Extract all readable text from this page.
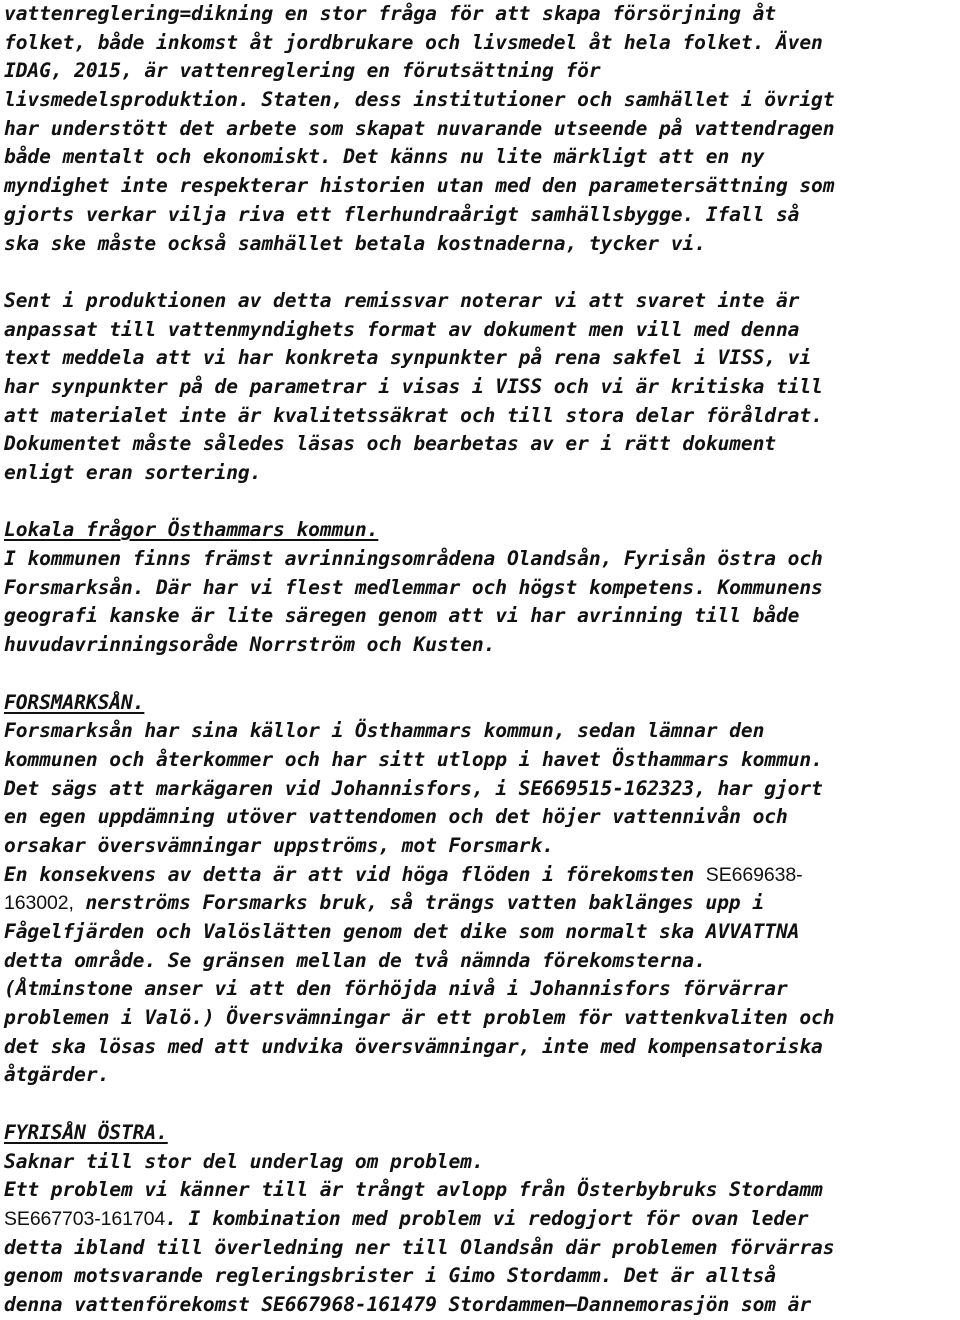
vattenreglering=dikning en stor fråga för att skapa försörjning åt
folket, både inkomst åt jordbrukare och livsmedel åt hela folket. Även
IDAG, 2015, är vattenreglering en förutsättning för
livsmedelsproduktion. Staten, dess institutioner och samhället i övrigt
har understött det arbete som skapat nuvarande utseende på vattendragen
både mentalt och ekonomiskt. Det känns nu lite märkligt att en ny
myndighet inte respekterar historien utan med den parametersättning som
gjorts verkar vilja riva ett flerhundraårigt samhällsbygge. Ifall så
ska ske måste också samhället betala kostnaderna, tycker vi.
Sent i produktionen av detta remissvar noterar vi att svaret inte är
anpassat till vattenmyndighets format av dokument men vill med denna
text meddela att vi har konkreta synpunkter på rena sakfel i VISS, vi
har synpunkter på de parametrar i visas i VISS och vi är kritiska till
att materialet inte är kvalitetssäkrat och till stora delar föråldrat.
Dokumentet måste således läsas och bearbetas av er i rätt dokument
enligt eran sortering.
Lokala frågor Östhammars kommun.
I kommunen finns främst avrinningsområdena Olandsån, Fyrisån östra och
Forsmarksån. Där har vi flest medlemmar och högst kompetens. Kommunens
geografi kanske är lite säregen genom att vi har avrinning till både
huvudavrinningsoråde Norrström och Kusten.
FORSMARKSÅN.
Forsmarksån har sina källor i Östhammars kommun, sedan lämnar den
kommunen och återkommer och har sitt utlopp i havet Östhammars kommun.
Det sägs att markägaren vid Johannisfors, i SE669515-162323, har gjort
en egen uppdämning utöver vattendomen och det höjer vattennivån och
orsakar översvämningar uppströms, mot Forsmark.
En konsekvens av detta är att vid höga flöden i förekomsten SE669638-
163002, nerströms Forsmarks bruk, så trängs vatten baklänges upp i
Fågelfjärden och Valöslätten genom det dike som normalt ska AVVATTNA
detta område. Se gränsen mellan de två nämnda förekomsterna.
(Åtminstone anser vi att den förhöjda nivå i Johannisfors förvärrar
problemen i Valö.) Översvämningar är ett problem för vattenkvaliten och
det ska lösas med att undvika översvämningar, inte med kompensatoriska
åtgärder.
FYRISÅN ÖSTRA.
Saknar till stor del underlag om problem.
Ett problem vi känner till är trångt avlopp från Österbybruks Stordamm
SE667703-161704. I kombination med problem vi redogjort för ovan leder
detta ibland till överledning ner till Olandsån där problemen förvärras
genom motsvarande regleringsbrister i Gimo Stordamm. Det är alltså
denna vattenförekomst SE667968-161479 Stordammen–Dannemorasjön som är
